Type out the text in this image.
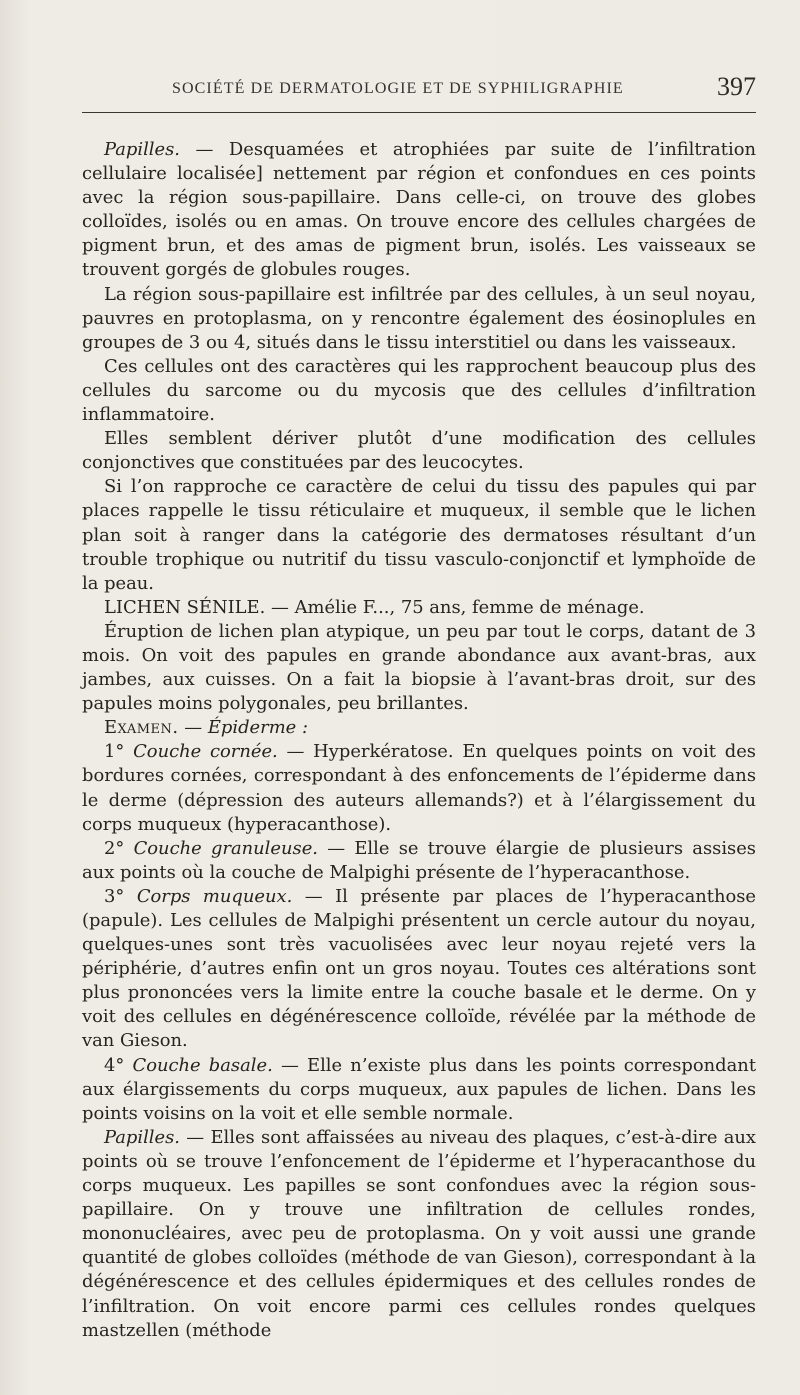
SOCIÉTÉ DE DERMATOLOGIE ET DE SYPHILIGRAPHIE	397

Papilles. — Desquamées et atrophiées par suite de l’infiltration cellulaire localisée] nettement par région et confondues en ces points avec la région sous-papillaire. Dans celle-ci, on trouve des globes colloïdes, isolés ou en amas. On trouve encore des cellules chargées de pigment brun, et des amas de pigment brun, isolés. Les vaisseaux se trouvent gorgés de globules rouges.

La région sous-papillaire est infiltrée par des cellules, à un seul noyau, pauvres en protoplasma, on y rencontre également des éosinoplules en groupes de 3 ou 4, situés dans le tissu interstitiel ou dans les vaisseaux.

Ces cellules ont des caractères qui les rapprochent beaucoup plus des cellules du sarcome ou du mycosis que des cellules d’infiltration inflammatoire.

Elles semblent dériver plutôt d’une modification des cellules conjonctives que constituées par des leucocytes.

Si l’on rapproche ce caractère de celui du tissu des papules qui par places rappelle le tissu réticulaire et muqueux, il semble que le lichen plan soit à ranger dans la catégorie des dermatoses résultant d’un trouble trophique ou nutritif du tissu vasculo-conjonctif et lymphoïde de la peau.

LICHEN SÉNILE. — Amélie F..., 75 ans, femme de ménage.

Éruption de lichen plan atypique, un peu par tout le corps, datant de 3 mois. On voit des papules en grande abondance aux avant-bras, aux jambes, aux cuisses. On a fait la biopsie à l’avant-bras droit, sur des papules moins polygonales, peu brillantes.

Examen. — Épiderme :

1° Couche cornée. — Hyperkératose. En quelques points on voit des bordures cornées, correspondant à des enfoncements de l’épiderme dans le derme (dépression des auteurs allemands?) et à l’élargissement du corps muqueux (hyperacanthose).

2° Couche granuleuse. — Elle se trouve élargie de plusieurs assises aux points où la couche de Malpighi présente de l’hyperacanthose.

3° Corps muqueux. — Il présente par places de l’hyperacanthose (papule). Les cellules de Malpighi présentent un cercle autour du noyau, quelques-unes sont très vacuolisées avec leur noyau rejeté vers la périphérie, d’autres enfin ont un gros noyau. Toutes ces altérations sont plus prononcées vers la limite entre la couche basale et le derme. On y voit des cellules en dégénérescence colloïde, révélée par la méthode de van Gieson.

4° Couche basale. — Elle n’existe plus dans les points correspondant aux élargissements du corps muqueux, aux papules de lichen. Dans les points voisins on la voit et elle semble normale.

Papilles. — Elles sont affaissées au niveau des plaques, c’est-à-dire aux points où se trouve l’enfoncement de l’épiderme et l’hyperacanthose du corps muqueux. Les papilles se sont confondues avec la région sous-papillaire. On y trouve une infiltration de cellules rondes, mononucléaires, avec peu de protoplasma. On y voit aussi une grande quantité de globes colloïdes (méthode de van Gieson), correspondant à la dégénérescence et des cellules épidermiques et des cellules rondes de l’infiltration. On voit encore parmi ces cellules rondes quelques mastzellen (méthode
